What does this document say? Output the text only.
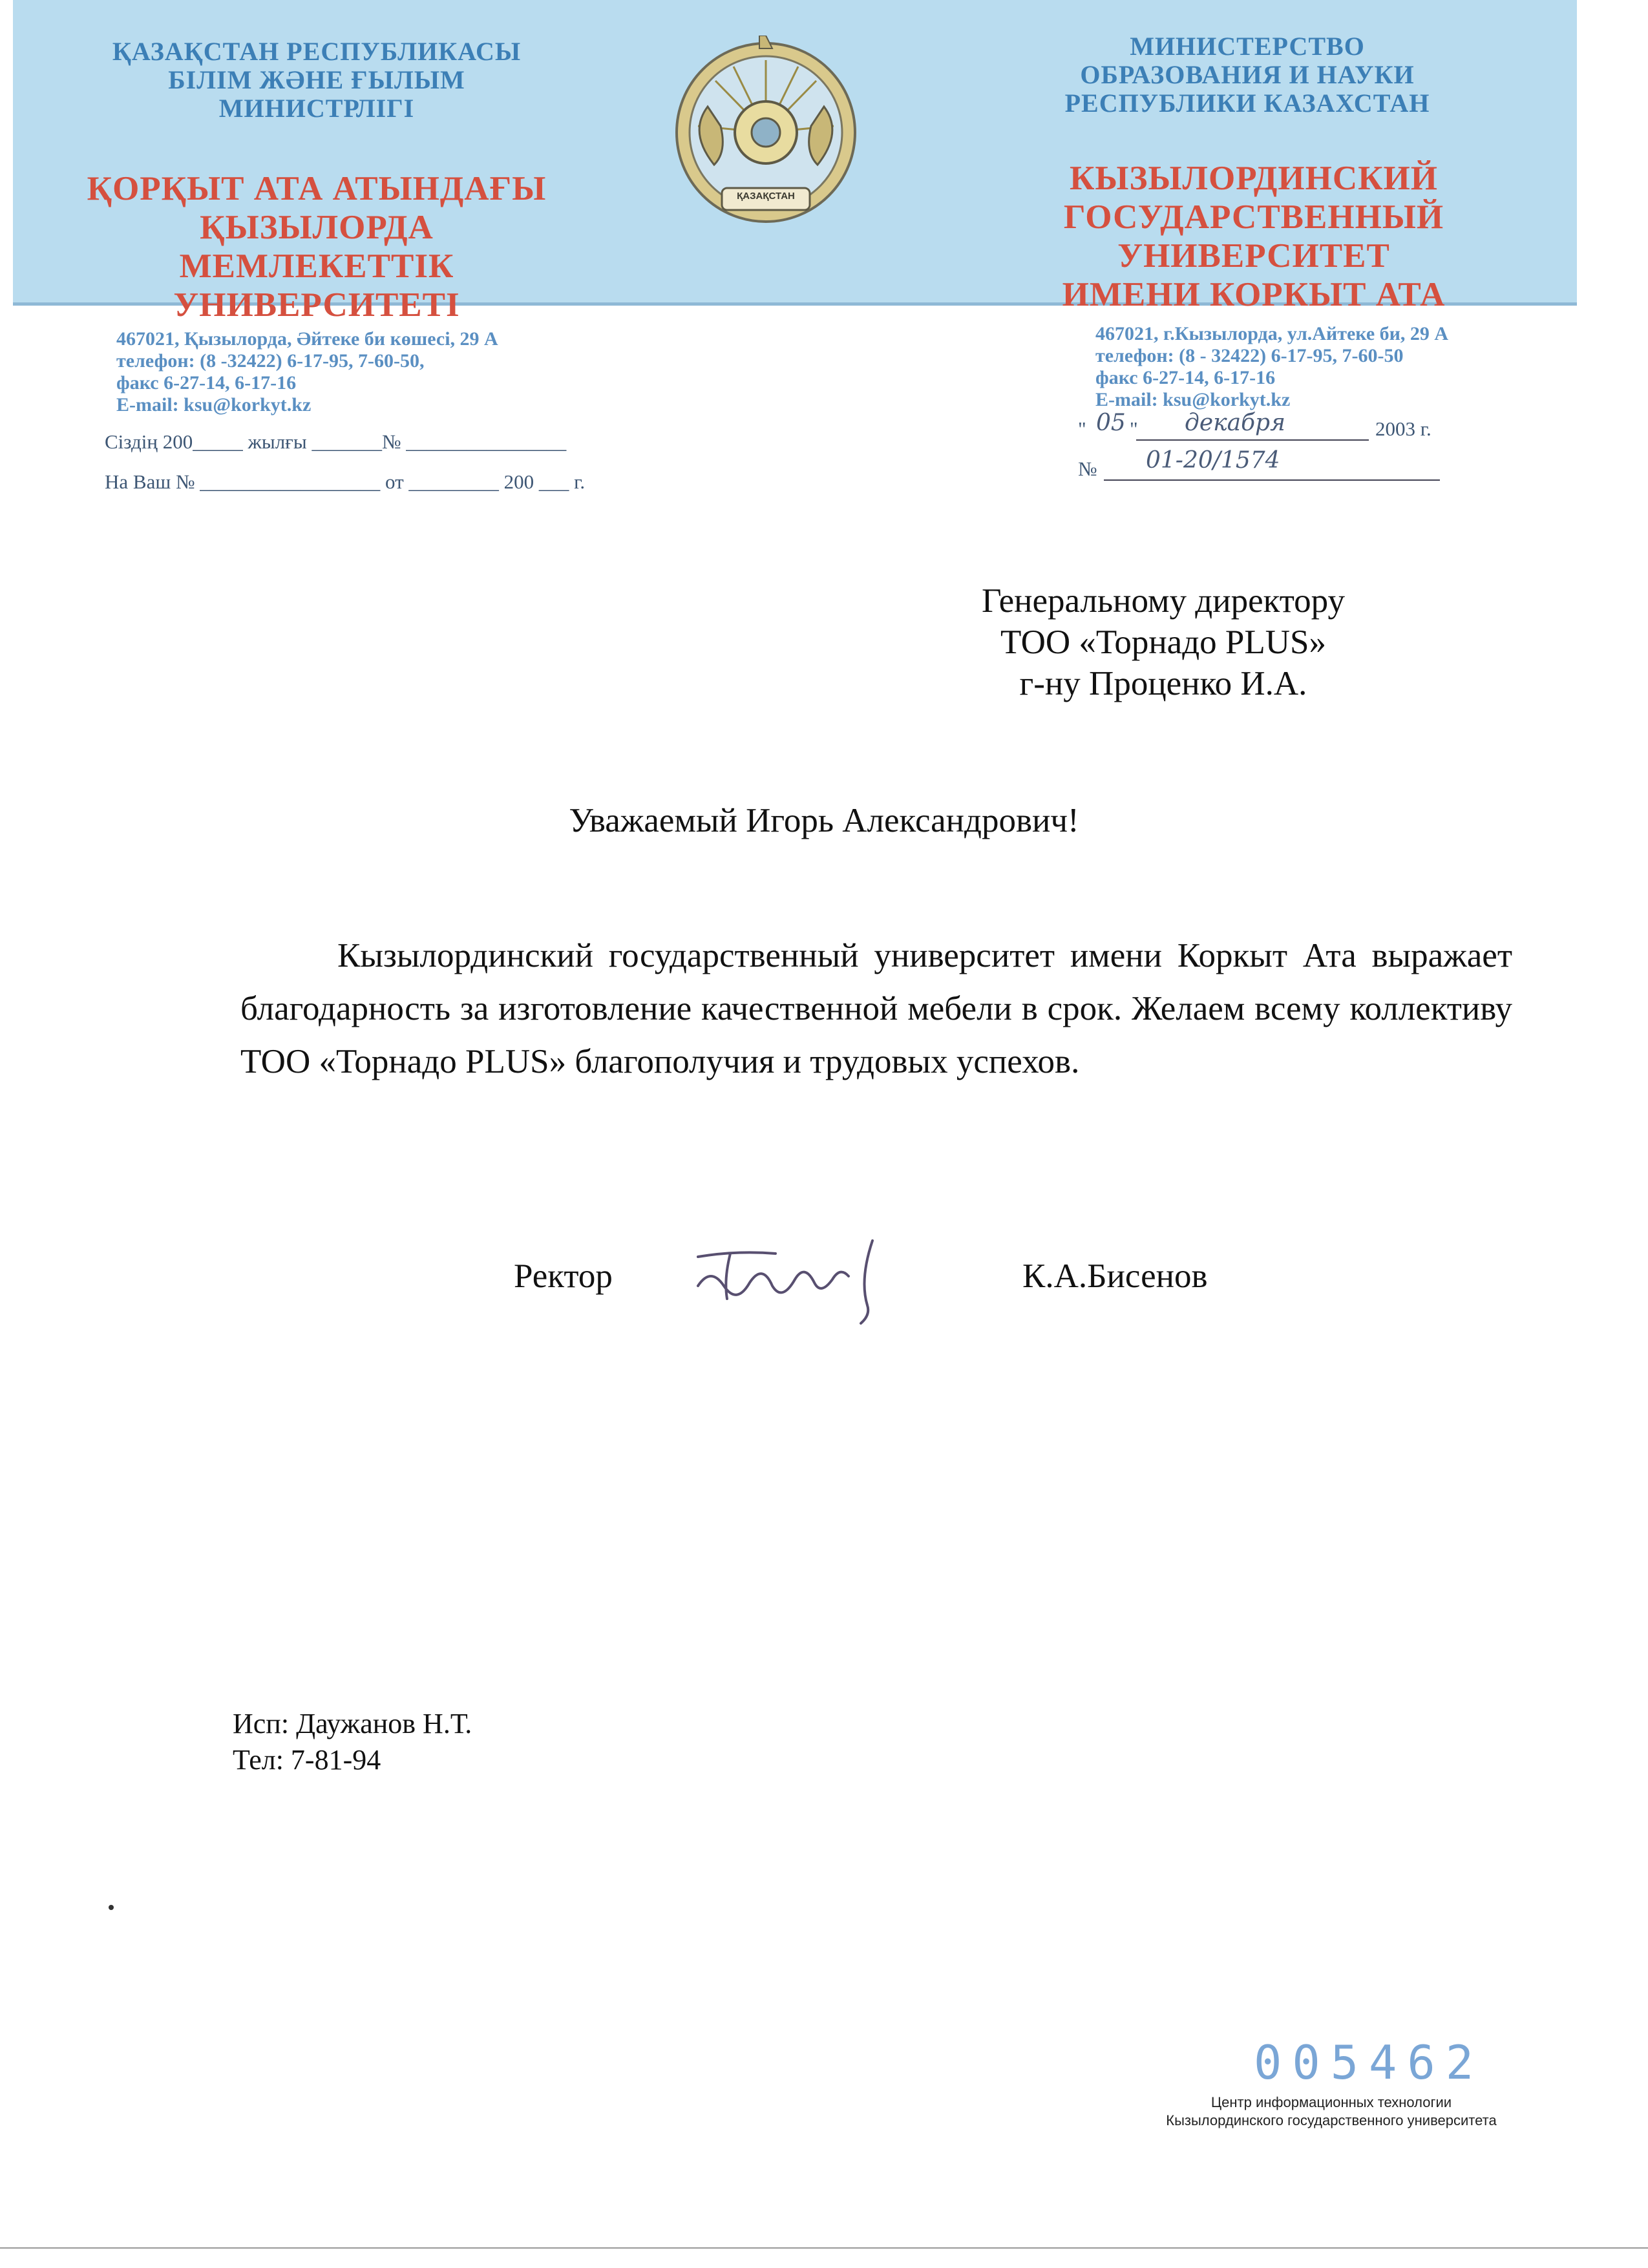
ҚАЗАҚСТАН РЕСПУБЛИКАСЫ
БІЛІМ ЖӘНЕ ҒЫЛЫМ
МИНИСТРЛІГІ
ҚОРҚЫТ АТА АТЫНДАҒЫ
ҚЫЗЫЛОРДА МЕМЛЕКЕТТІК
УНИВЕРСИТЕТІ
МИНИСТЕРСТВО
ОБРАЗОВАНИЯ И НАУКИ
РЕСПУБЛИКИ КАЗАХСТАН
КЫЗЫЛОРДИНСКИЙ
ГОСУДАРСТВЕННЫЙ УНИВЕРСИТЕТ
ИМЕНИ КОРКЫТ АТА
ҚАЗАҚСТАН
467021, Қызылорда, Әйтеке би көшесі, 29 А
телефон: (8 -32422) 6-17-95, 7-60-50,
факс 6-27-14, 6-17-16
E-mail: ksu@korkyt.kz
467021, г.Кызылорда, ул.Айтеке би, 29 А
телефон: (8 - 32422) 6-17-95, 7-60-50
факс 6-27-14, 6-17-16
E-mail: ksu@korkyt.kz
Сіздің 200_____ жылғы _______№ ________________
На Ваш № __________________ от _________ 200 ___ г.
" 05 " декабря	2003 г.
№ 01-20/1574
Генеральному директору
ТОО «Торнадо PLUS»
г-ну Проценко И.А.
Уважаемый Игорь Александрович!
Кызылординский государственный университет имени Коркыт Ата выражает благодарность за изготовление качественной мебели в срок. Желаем всему коллективу ТОО «Торнадо PLUS» благополучия и трудовых успехов.
Ректор	К.А.Бисенов
Исп: Даужанов Н.Т.
Тел: 7-81-94
005462
Центр информационных технологии
Кызылординского государственного университета
